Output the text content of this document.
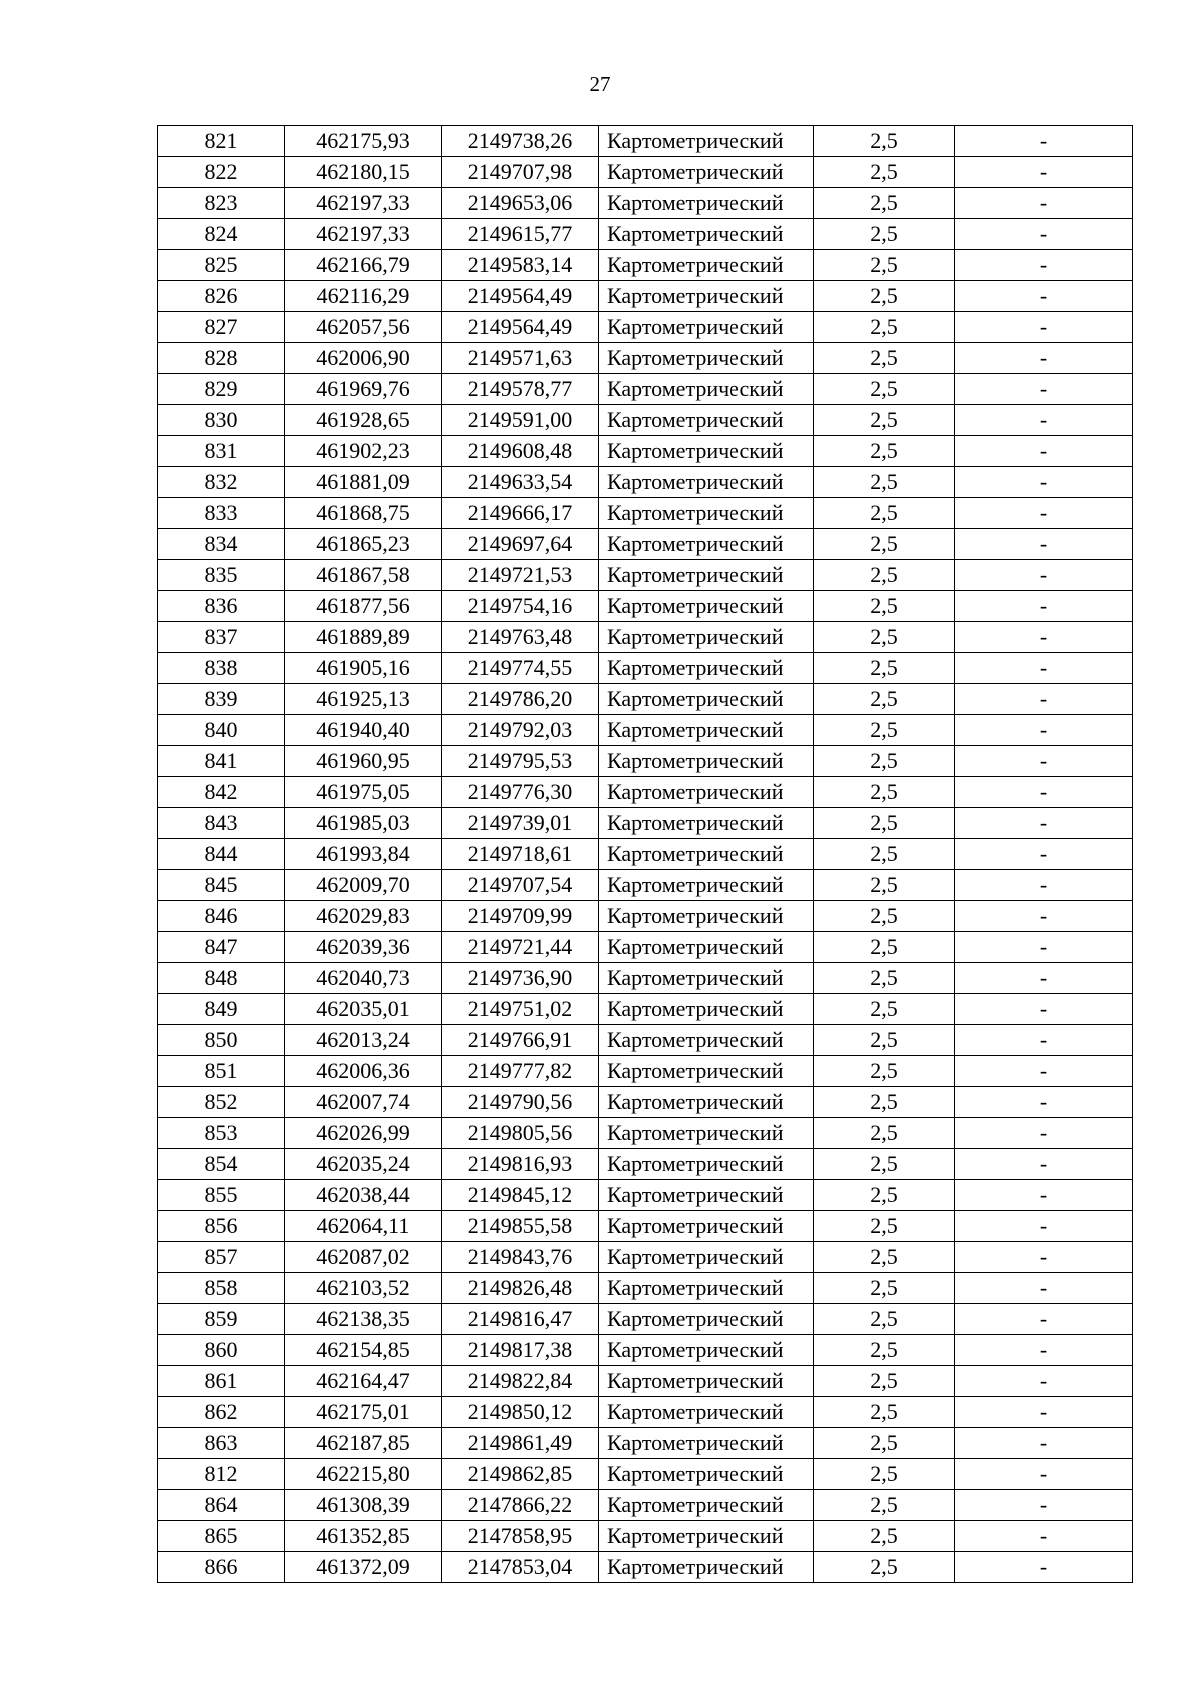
27
821	462175,93	2149738,26	Картометрический	2,5	-
822	462180,15	2149707,98	Картометрический	2,5	-
823	462197,33	2149653,06	Картометрический	2,5	-
824	462197,33	2149615,77	Картометрический	2,5	-
825	462166,79	2149583,14	Картометрический	2,5	-
826	462116,29	2149564,49	Картометрический	2,5	-
827	462057,56	2149564,49	Картометрический	2,5	-
828	462006,90	2149571,63	Картометрический	2,5	-
829	461969,76	2149578,77	Картометрический	2,5	-
830	461928,65	2149591,00	Картометрический	2,5	-
831	461902,23	2149608,48	Картометрический	2,5	-
832	461881,09	2149633,54	Картометрический	2,5	-
833	461868,75	2149666,17	Картометрический	2,5	-
834	461865,23	2149697,64	Картометрический	2,5	-
835	461867,58	2149721,53	Картометрический	2,5	-
836	461877,56	2149754,16	Картометрический	2,5	-
837	461889,89	2149763,48	Картометрический	2,5	-
838	461905,16	2149774,55	Картометрический	2,5	-
839	461925,13	2149786,20	Картометрический	2,5	-
840	461940,40	2149792,03	Картометрический	2,5	-
841	461960,95	2149795,53	Картометрический	2,5	-
842	461975,05	2149776,30	Картометрический	2,5	-
843	461985,03	2149739,01	Картометрический	2,5	-
844	461993,84	2149718,61	Картометрический	2,5	-
845	462009,70	2149707,54	Картометрический	2,5	-
846	462029,83	2149709,99	Картометрический	2,5	-
847	462039,36	2149721,44	Картометрический	2,5	-
848	462040,73	2149736,90	Картометрический	2,5	-
849	462035,01	2149751,02	Картометрический	2,5	-
850	462013,24	2149766,91	Картометрический	2,5	-
851	462006,36	2149777,82	Картометрический	2,5	-
852	462007,74	2149790,56	Картометрический	2,5	-
853	462026,99	2149805,56	Картометрический	2,5	-
854	462035,24	2149816,93	Картометрический	2,5	-
855	462038,44	2149845,12	Картометрический	2,5	-
856	462064,11	2149855,58	Картометрический	2,5	-
857	462087,02	2149843,76	Картометрический	2,5	-
858	462103,52	2149826,48	Картометрический	2,5	-
859	462138,35	2149816,47	Картометрический	2,5	-
860	462154,85	2149817,38	Картометрический	2,5	-
861	462164,47	2149822,84	Картометрический	2,5	-
862	462175,01	2149850,12	Картометрический	2,5	-
863	462187,85	2149861,49	Картометрический	2,5	-
812	462215,80	2149862,85	Картометрический	2,5	-
864	461308,39	2147866,22	Картометрический	2,5	-
865	461352,85	2147858,95	Картометрический	2,5	-
866	461372,09	2147853,04	Картометрический	2,5	-
